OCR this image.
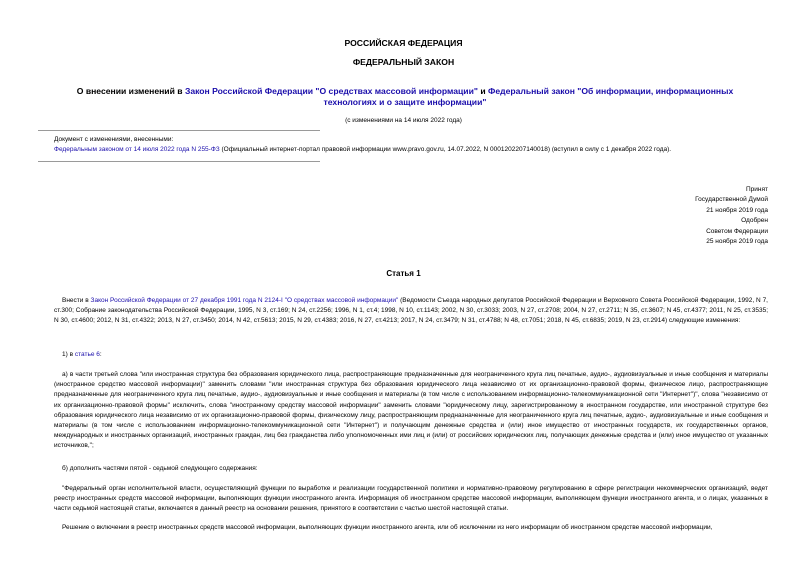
РОССИЙСКАЯ ФЕДЕРАЦИЯ
ФЕДЕРАЛЬНЫЙ ЗАКОН
О внесении изменений в Закон Российской Федерации "О средствах массовой информации" и Федеральный закон "Об информации, информационных технологиях и о защите информации"
(с изменениями на 14 июля 2022 года)
Документ с изменениями, внесенными:
Федеральным законом от 14 июля 2022 года N 255-ФЗ (Официальный интернет-портал правовой информации www.pravo.gov.ru, 14.07.2022, N 0001202207140018) (вступил в силу с 1 декабря 2022 года).
Принят
Государственной Думой
21 ноября 2019 года
Одобрен
Советом Федерации
25 ноября 2019 года
Статья 1
Внести в Закон Российской Федерации от 27 декабря 1991 года N 2124-I "О средствах массовой информации" (Ведомости Съезда народных депутатов Российской Федерации и Верховного Совета Российской Федерации, 1992, N 7, ст.300; Собрание законодательства Российской Федерации, 1995, N 3, ст.169; N 24, ст.2256; 1996, N 1, ст.4; 1998, N 10, ст.1143; 2002, N 30, ст.3033; 2003, N 27, ст.2708; 2004, N 27, ст.2711; N 35, ст.3607; N 45, ст.4377; 2011, N 25, ст.3535; N 30, ст.4600; 2012, N 31, ст.4322; 2013, N 27, ст.3450; 2014, N 42, ст.5613; 2015, N 29, ст.4383; 2016, N 27, ст.4213; 2017, N 24, ст.3479; N 31, ст.4788; N 48, ст.7051; 2018, N 45, ст.6835; 2019, N 23, ст.2914) следующие изменения:
1) в статье 6:
а) в части третьей слова "или иностранная структура без образования юридического лица, распространяющие предназначенные для неограниченного круга лиц печатные, аудио-, аудиовизуальные и иные сообщения и материалы (иностранное средство массовой информации)" заменить словами "или иностранная структура без образования юридического лица независимо от их организационно-правовой формы, физическое лицо, распространяющие предназначенные для неограниченного круга лиц печатные, аудио-, аудиовизуальные и иные сообщения и материалы (в том числе с использованием информационно-телекоммуникационной сети "Интернет")", слова "независимо от их организационно-правовой формы" исключить, слова "иностранному средству массовой информации" заменить словами "юридическому лицу, зарегистрированному в иностранном государстве, или иностранной структуре без образования юридического лица независимо от их организационно-правовой формы, физическому лицу, распространяющим предназначенные для неограниченного круга лиц печатные, аудио-, аудиовизуальные и иные сообщения и материалы (в том числе с использованием информационно-телекоммуникационной сети "Интернет") и получающим денежные средства и (или) иное имущество от иностранных государств, их государственных органов, международных и иностранных организаций, иностранных граждан, лиц без гражданства либо уполномоченных ими лиц и (или) от российских юридических лиц, получающих денежные средства и (или) иное имущество от указанных источников,";
б) дополнить частями пятой - седьмой следующего содержания:
"Федеральный орган исполнительной власти, осуществляющий функции по выработке и реализации государственной политики и нормативно-правовому регулированию в сфере регистрации некоммерческих организаций, ведет реестр иностранных средств массовой информации, выполняющих функции иностранного агента. Информация об иностранном средстве массовой информации, выполняющем функции иностранного агента, и о лицах, указанных в части седьмой настоящей статьи, включается в данный реестр на основании решения, принятого в соответствии с частью шестой настоящей статьи.
Решение о включении в реестр иностранных средств массовой информации, выполняющих функции иностранного агента, или об исключении из него информации об иностранном средстве массовой информации,
